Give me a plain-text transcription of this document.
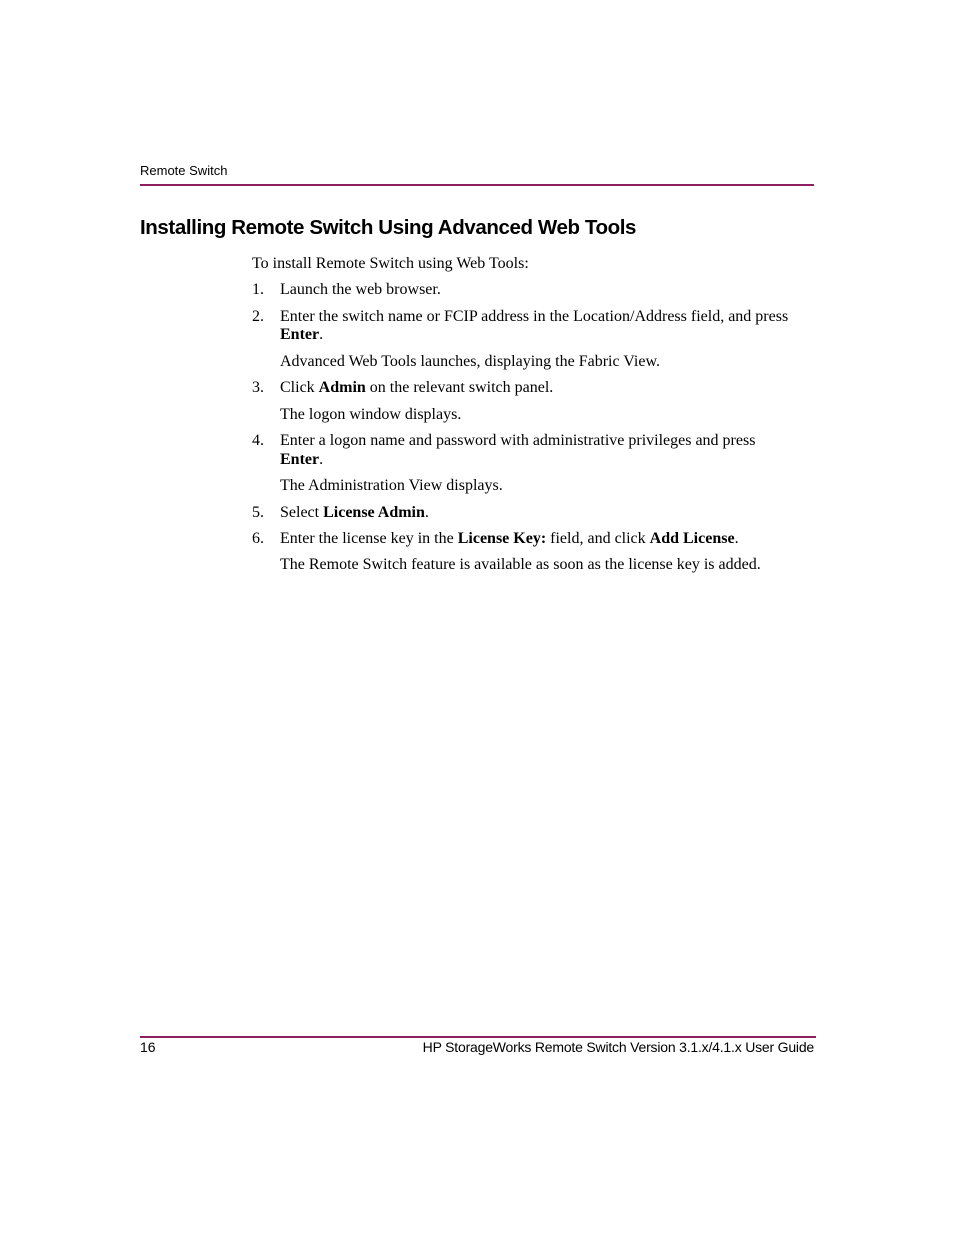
Remote Switch
Installing Remote Switch Using Advanced Web Tools

To install Remote Switch using Web Tools:

1. Launch the web browser.
2. Enter the switch name or FCIP address in the Location/Address field, and press Enter.
Advanced Web Tools launches, displaying the Fabric View.
3. Click Admin on the relevant switch panel.
The logon window displays.
4. Enter a logon name and password with administrative privileges and press Enter.
The Administration View displays.
5. Select License Admin.
6. Enter the license key in the License Key: field, and click Add License.
The Remote Switch feature is available as soon as the license key is added.
16	HP StorageWorks Remote Switch Version 3.1.x/4.1.x User Guide
